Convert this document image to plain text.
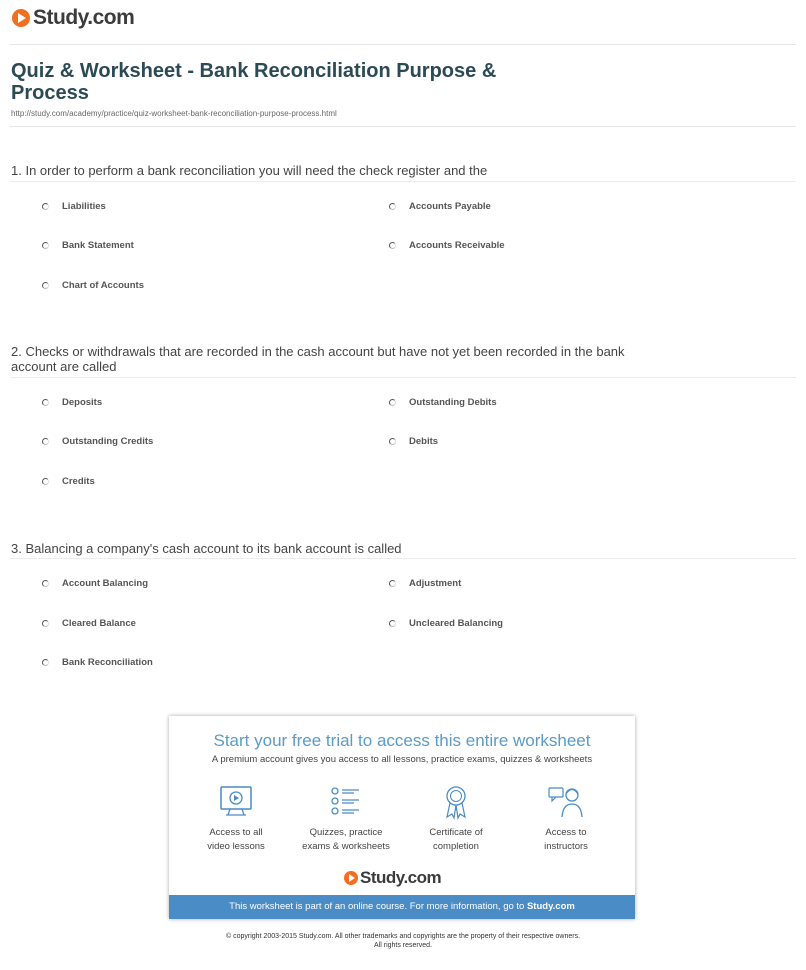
Study.com
Quiz & Worksheet - Bank Reconciliation Purpose & Process
http://study.com/academy/practice/quiz-worksheet-bank-reconciliation-purpose-process.html
1. In order to perform a bank reconciliation you will need the check register and the
Liabilities	Accounts Payable
Bank Statement	Accounts Receivable
Chart of Accounts
2. Checks or withdrawals that are recorded in the cash account but have not yet been recorded in the bank account are called
Deposits	Outstanding Debits
Outstanding Credits	Debits
Credits
3. Balancing a company's cash account to its bank account is called
Account Balancing	Adjustment
Cleared Balance	Uncleared Balancing
Bank Reconciliation
Start your free trial to access this entire worksheet
A premium account gives you access to all lessons, practice exams, quizzes & worksheets
Access to all
video lessons
Quizzes, practice
exams & worksheets
Certificate of
completion
Access to
instructors
Study.com
This worksheet is part of an online course. For more information, go to Study.com
© copyright 2003-2015 Study.com. All other trademarks and copyrights are the property of their respective owners.
All rights reserved.
